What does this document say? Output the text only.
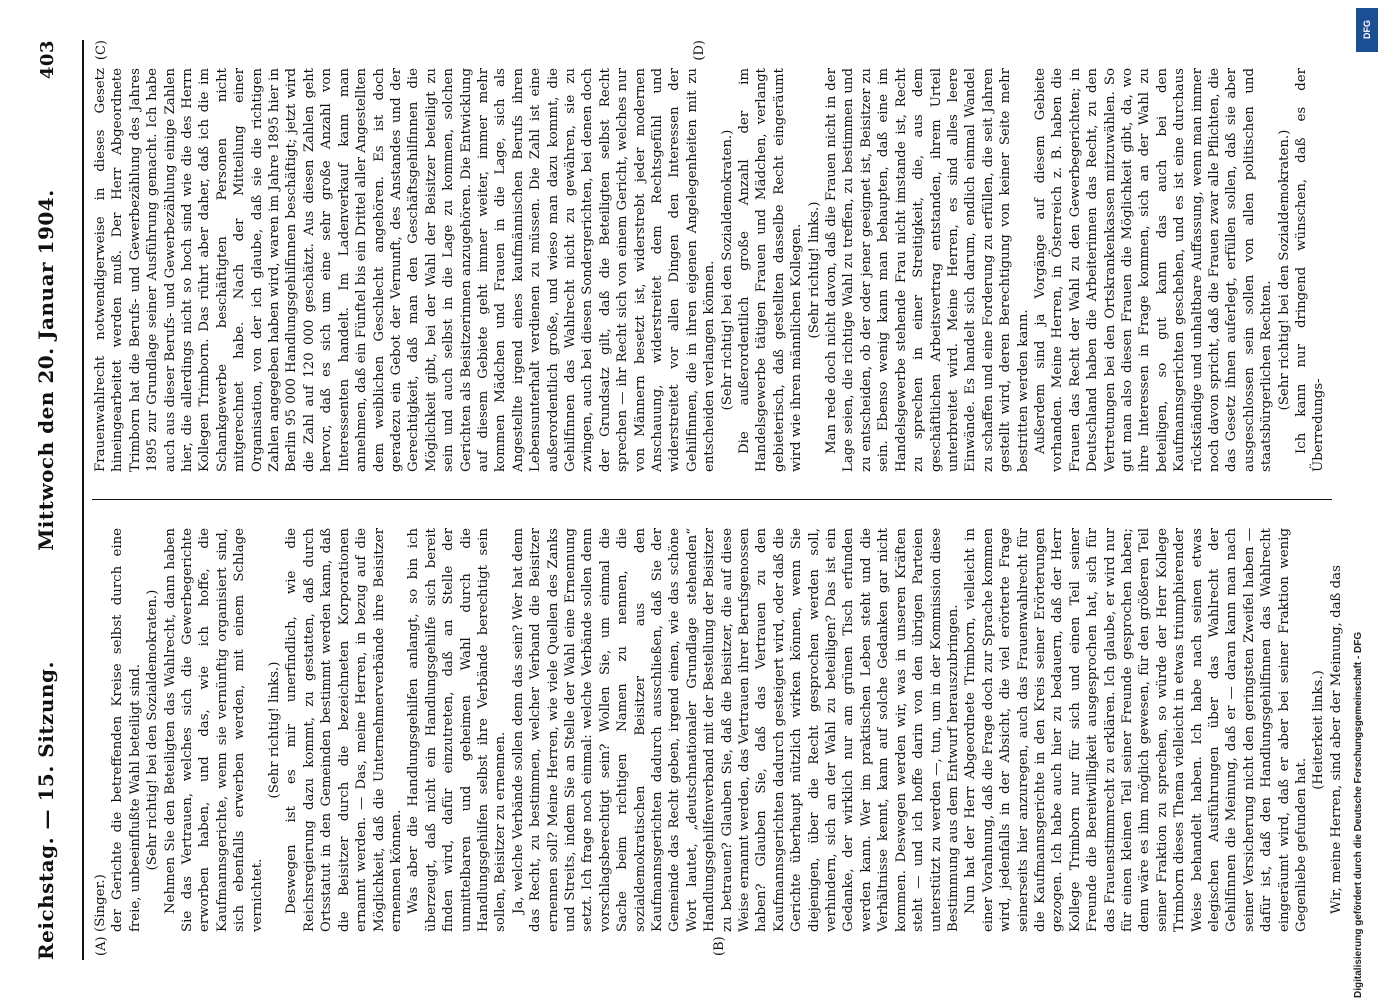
Reichstag. — 15. Sitzung.
Mittwoch den 20. Januar 1904.
403

(Singer.) der Gerichte die betreffenden Kreise selbst durch eine freie, unbeeinflußte Wahl beteiligt sind. (Sehr richtig! bei den Sozialdemokraten.) Nehmen Sie den Beteiligten das Wahlrecht, dann haben Sie das Vertrauen, welches sich die Gewerbegerichte erworben haben, und das, wie ich hoffe, die Kaufmannsgerichte, wenn sie vernünftig organisiert sind, sich ebenfalls erwerben werden, mit einem Schlage vernichtet.

(Sehr richtig! links.) Deswegen ist es mir unerfindlich, wie die Reichsregierung dazu kommt, zu gestatten, daß durch Ortsstatut in den Gemeinden bestimmt werden kann, daß die Beisitzer durch die bezeichneten Korporationen ernannt werden. — Das, meine Herren, in bezug auf die Möglichkeit, daß die Unternehmerverbände ihre Beisitzer ernennen können. Was aber die Handlungsgehilfen anlangt, so bin ich überzeugt, daß nicht ein Handlungsgehilfe sich bereit finden wird, dafür einzutreten, daß an Stelle der unmittelbaren und geheimen Wahl durch die Handlungsgehilfen selbst ihre Verbände berechtigt sein sollen, Beisitzer zu ernennen. Ja, welche Verbände sollen denn das sein? Wer hat denn das Recht, zu bestimmen, welcher Verband die Beisitzer ernennen soll? Meine Herren, wie viele Quellen des Zanks und Streits, indem Sie an Stelle der Wahl eine Ernennung setzt. Ich frage noch einmal: welche Verbände sollen denn vorschlagsberechtigt sein? Wollen Sie, um einmal die Sache beim richtigen Namen zu nennen, die sozialdemokratischen Beisitzer aus den Kaufmannsgerichten dadurch ausschließen, daß Sie der Gemeinde das Recht geben, irgend einen, wie das schöne Wort lautet, „deutschnationaler Grundlage stehenden“ Handlungsgehilfenverband mit der Bestellung der Beisitzer zu betrauen? Glauben Sie, daß die Beisitzer, die auf diese Weise ernannt werden, das Vertrauen ihrer Berufsgenossen haben? Glauben Sie, daß das Vertrauen zu den Kaufmannsgerichten dadurch gesteigert wird, oder daß die Gerichte überhaupt nützlich wirken können, wenn Sie diejenigen, über die Recht gesprochen werden soll, verhindern, sich an der Wahl zu beteiligen? Das ist ein Gedanke, der wirklich nur am grünen Tisch erfunden werden kann. Wer im praktischen Leben steht und die Verhältnisse kennt, kann auf solche Gedanken gar nicht kommen. Deswegen werden wir, was in unseren Kräften steht — und ich hoffe darin von den übrigen Parteien unterstützt zu werden —, tun, um in der Kommission diese Bestimmung aus dem Entwurf herauszubringen. Nun hat der Herr Abgeordnete Trimborn, vielleicht in einer Vorahnung, daß die Frage doch zur Sprache kommen wird, jedenfalls in der Absicht, die viel erörterte Frage seinerseits hier anzuregen, auch das Frauenwahlrecht für die Kaufmannsgerichte in den Kreis seiner Erörterungen gezogen. Ich habe auch hier zu bedauern, daß der Herr Kollege Trimborn nur für sich und einen Teil seiner Freunde die Bereitwilligkeit ausgesprochen hat, sich für das Frauenstimmrecht zu erklären. Ich glaube, er wird nur für einen kleinen Teil seiner Freunde gesprochen haben; denn wäre es ihm möglich gewesen, für den größeren Teil seiner Fraktion zu sprechen, so würde der Herr Kollege Trimborn dieses Thema vielleicht in etwas triumphierender Weise behandelt haben. Ich habe nach seinen etwas elegischen Ausführungen über das Wahlrecht der Gehilfinnen die Meinung, daß er — daran kann man nach seiner Versicherung nicht den geringsten Zweifel haben — dafür ist, daß den Handlungsgehilfinnen das Wahlrecht eingeräumt wird, daß er aber bei seiner Fraktion wenig Gegenliebe gefunden hat.

(Heiterkeit links.) Wir, meine Herren, sind aber der Meinung, daß das

Frauenwahlrecht notwendigerweise in dieses Gesetz hineingearbeitet werden muß. Der Herr Abgeordnete Trimborn hat die Berufs- und Gewerbezählung des Jahres 1895 zur Grundlage seiner Ausführung gemacht. Ich habe auch aus dieser Berufs- und Gewerbezählung einige Zahlen hier, die allerdings nicht so hoch sind wie die des Herrn Kollegen Trimborn. Das rührt aber daher, daß ich die im Schankgewerbe beschäftigten Personen nicht mitgerechnet habe. Nach der Mitteilung einer Organisation, von der ich glaube, daß sie die richtigen Zahlen angegeben haben wird, waren im Jahre 1895 hier in Berlin 95 000 Handlungsgehilfinnen beschäftigt; jetzt wird die Zahl auf 120 000 geschätzt. Aus diesen Zahlen geht hervor, daß es sich um eine sehr große Anzahl von Interessenten handelt. Im Ladenverkauf kann man annehmen, daß ein Fünftel bis ein Drittel aller Angestellten dem weiblichen Geschlecht angehören. Es ist doch geradezu ein Gebot der Vernunft, des Anstandes und der Gerechtigkeit, daß man den Geschäftsgehilfinnen die Möglichkeit gibt, bei der Wahl der Beisitzer beteiligt zu sein und auch selbst in die Lage zu kommen, solchen Gerichten als Beisitzerinnen anzugehören. Die Entwicklung auf diesem Gebiete geht immer weiter, immer mehr kommen Mädchen und Frauen in die Lage, sich als Angestellte irgend eines kaufmännischen Berufs ihren Lebensunterhalt verdienen zu müssen. Die Zahl ist eine außerordentlich große, und wieso man dazu kommt, die Gehilfinnen das Wahlrecht nicht zu gewähren, sie zu zwingen, auch bei diesen Sondergerichten, bei denen doch der Grundsatz gilt, daß die Beteiligten selbst Recht sprechen — ihr Recht sich von einem Gericht, welches nur von Männern besetzt ist, widerstrebt jeder modernen Anschauung, widerstreitet dem Rechtsgefühl und widerstreitet vor allen Dingen den Interessen der Gehilfinnen, die in ihren eigenen Angelegenheiten mit zu entscheiden verlangen können. (Sehr richtig! bei den Sozialdemokraten.) Die außerordentlich große Anzahl der im Handelsgewerbe tätigen Frauen und Mädchen, verlangt gebieterisch, daß gestellten dasselbe Recht eingeräumt wird wie ihren männlichen Kollegen. (Sehr richtig! links.) Man rede doch nicht davon, daß die Frauen nicht in der Lage seien, die richtige Wahl zu treffen, zu bestimmen und zu entscheiden, ob der oder jener geeignet ist, Beisitzer zu sein. Ebenso wenig kann man behaupten, daß eine im Handelsgewerbe stehende Frau nicht imstande ist, Recht zu sprechen in einer Streitigkeit, die, aus dem geschäftlichen Arbeitsvertrag entstanden, ihrem Urteil unterbreitet wird. Meine Herren, es sind alles leere Einwände. Es handelt sich darum, endlich einmal Wandel zu schaffen und eine Forderung zu erfüllen, die seit Jahren gestellt wird, deren Berechtigung von keiner Seite mehr bestritten werden kann. Außerdem sind ja Vorgänge auf diesem Gebiete vorhanden. Meine Herren, in Österreich z. B. haben die Frauen das Recht der Wahl zu den Gewerbegerichten; in Deutschland haben die Arbeiterinnen das Recht, zu den Vertretungen bei den Ortskrankenkassen mitzuwählen. So gut man also diesen Frauen die Möglichkeit gibt, da, wo ihre Interessen in Frage kommen, sich an der Wahl zu beteiligen, so gut kann das auch bei den Kaufmannsgerichten geschehen, und es ist eine durchaus rückständige und unhaltbare Auffassung, wenn man immer noch davon spricht, daß die Frauen zwar alle Pflichten, die das Gesetz ihnen auferlegt, erfüllen sollen, daß sie aber ausgeschlossen sein sollen von allen politischen und staatsbürgerlichen Rechten. (Sehr richtig! bei den Sozialdemokraten.) Ich kann nur dringend wünschen, daß es der Überredungs-

(A)	(B)
(C)	(D)
Digitalisierung gefördert durch die Deutsche Forschungsgemeinschaft - DFG
DFG
